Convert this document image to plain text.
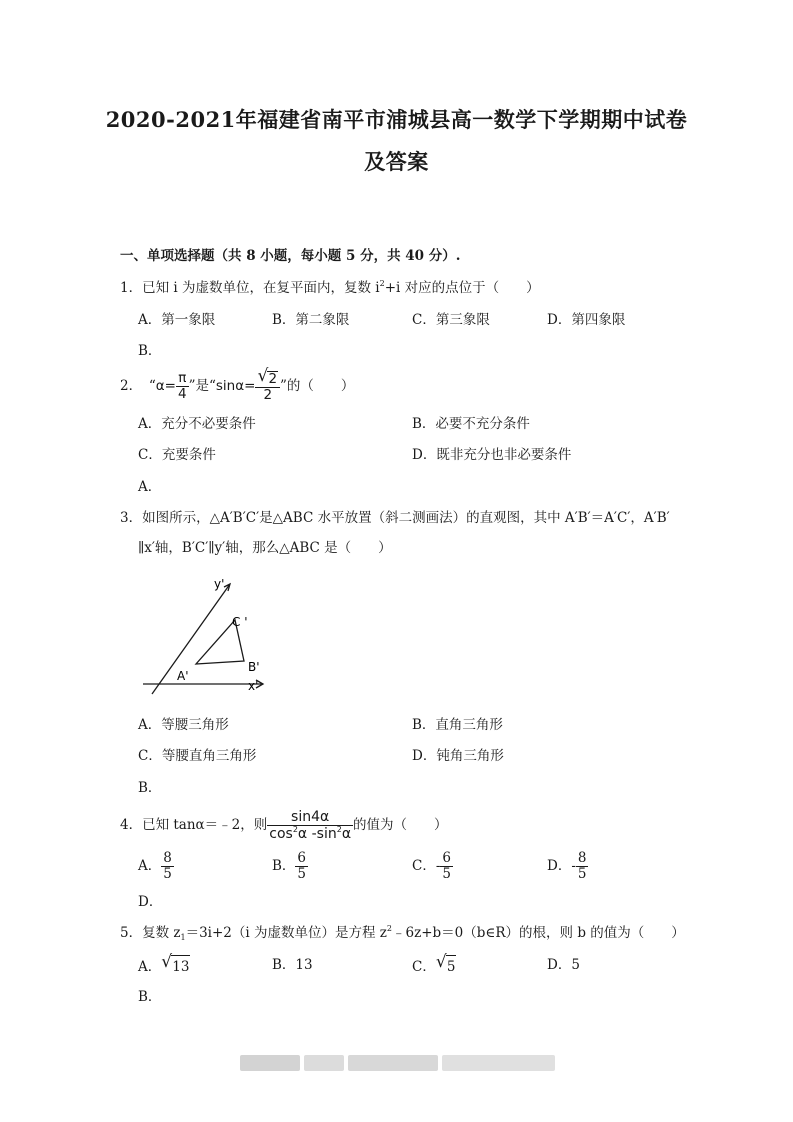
2020-2021年福建省南平市浦城县高一数学下学期期中试卷
及答案
一、单项选择题（共 8 小题，每小题 5 分，共 40 分）.
1．已知 i 为虚数单位，在复平面内，复数 $i^2+i$ 对应的点位于（　　）
A．第一象限	B．第二象限	C．第三象限	D．第四象限
B．
2．　“$\alpha= \frac{\pi}{4}$ ”是“$\sin\alpha= \frac{√ 2}{2}$ ”的（　　）
A．充分不必要条件	B．必要不充分条件
C．充要条件	D．既非充分也非必要条件
A．
3．如图所示，△A′B′C′是△ABC 水平放置（斜二测画法）的直观图，其中 A′B′＝A′C′，A′B′
∥x′轴，B′C′∥y′轴，那么△ABC 是（　　）
y'
x'
A'
B'
C '
A．等腰三角形	B．直角三角形
C．等腰直角三角形	D．钝角三角形
B．
4．已知 tanα＝﹣2，则 $\frac{\sin 4\alpha}{\cos^2\alpha -\sin^2\alpha}$ 的值为（　　）
A． $\frac{8}{5}$	B． $\frac{6}{5}$	C．- $\frac{6}{5}$	D．- $\frac{8}{5}$
D．
5．复数 $z_1=3i+2(i$ 为虚数单位）是方程 $z^2﹣6z+b=0(b\in R)$的根，则 b 的值为（　　）
A． √ 13	B．13	C． √ 5	D．5
B．
